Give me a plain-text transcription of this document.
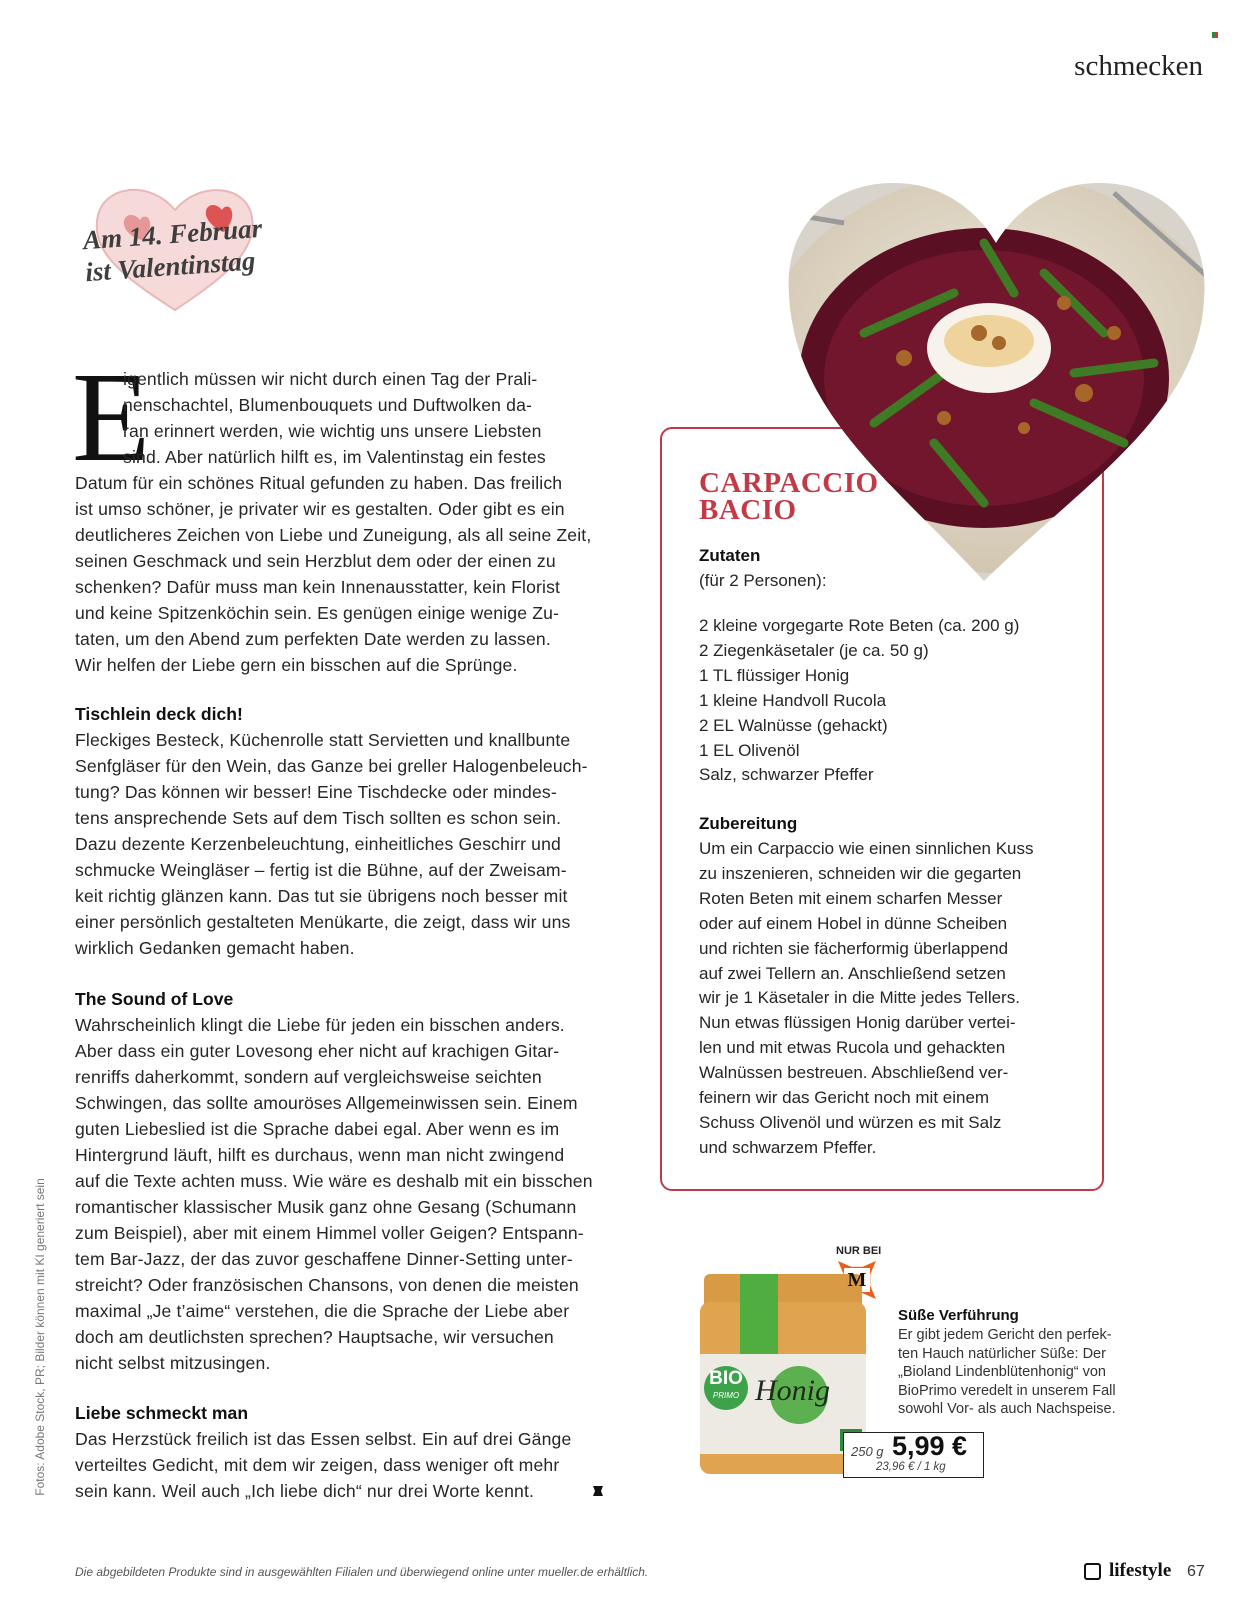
schmecken
Am 14. Februar
ist Valentinstag
E
igentlich müssen wir nicht durch einen Tag der Prali-
nenschachtel, Blumenbouquets und Duftwolken da-
ran erinnert werden, wie wichtig uns unsere Liebsten
sind. Aber natürlich hilft es, im Valentinstag ein festes
Datum für ein schönes Ritual gefunden zu haben. Das freilich
ist umso schöner, je privater wir es gestalten. Oder gibt es ein
deutlicheres Zeichen von Liebe und Zuneigung, als all seine Zeit,
seinen Geschmack und sein Herzblut dem oder der einen zu
schenken? Dafür muss man kein Innenausstatter, kein Florist
und keine Spitzenköchin sein. Es genügen einige wenige Zu-
taten, um den Abend zum perfekten Date werden zu lassen.
Wir helfen der Liebe gern ein bisschen auf die Sprünge.
Tischlein deck dich!
Fleckiges Besteck, Küchenrolle statt Servietten und knallbunte
Senfgläser für den Wein, das Ganze bei greller Halogenbeleuch-
tung? Das können wir besser! Eine Tischdecke oder mindes-
tens ansprechende Sets auf dem Tisch sollten es schon sein.
Dazu dezente Kerzenbeleuchtung, einheitliches Geschirr und
schmucke Weingläser – fertig ist die Bühne, auf der Zweisam-
keit richtig glänzen kann. Das tut sie übrigens noch besser mit
einer persönlich gestalteten Menükarte, die zeigt, dass wir uns
wirklich Gedanken gemacht haben.
The Sound of Love
Wahrscheinlich klingt die Liebe für jeden ein bisschen anders.
Aber dass ein guter Lovesong eher nicht auf krachigen Gitar-
renriffs daherkommt, sondern auf vergleichsweise seichten
Schwingen, das sollte amouröses Allgemeinwissen sein. Einem
guten Liebeslied ist die Sprache dabei egal. Aber wenn es im
Hintergrund läuft, hilft es durchaus, wenn man nicht zwingend
auf die Texte achten muss. Wie wäre es deshalb mit ein bisschen
romantischer klassischer Musik ganz ohne Gesang (Schumann
zum Beispiel), aber mit einem Himmel voller Geigen? Entspann-
tem Bar-Jazz, der das zuvor geschaffene Dinner-Setting unter-
streicht? Oder französischen Chansons, von denen die meisten
maximal „Je t’aime“ verstehen, die die Sprache der Liebe aber
doch am deutlichsten sprechen? Hauptsache, wir versuchen
nicht selbst mitzusingen.
Liebe schmeckt man
Das Herzstück freilich ist das Essen selbst. Ein auf drei Gänge
verteiltes Gedicht, mit dem wir zeigen, dass weniger oft mehr
sein kann. Weil auch „Ich liebe dich“ nur drei Worte kennt.
CARPACCIO
BACIO
Zutaten
(für 2 Personen):
2 kleine vorgegarte Rote Beten (ca. 200 g)
2 Ziegenkäsetaler (je ca. 50 g)
1 TL flüssiger Honig
1 kleine Handvoll Rucola
2 EL Walnüsse (gehackt)
1 EL Olivenöl
Salz, schwarzer Pfeffer
Zubereitung
Um ein Carpaccio wie einen sinnlichen Kuss
zu inszenieren, schneiden wir die gegarten
Roten Beten mit einem scharfen Messer
oder auf einem Hobel in dünne Scheiben
und richten sie fächerformig überlappend
auf zwei Tellern an. Anschließend setzen
wir je 1 Käsetaler in die Mitte jedes Tellers.
Nun etwas flüssigen Honig darüber vertei-
len und mit etwas Rucola und gehackten
Walnüssen bestreuen. Abschließend ver-
feinern wir das Gericht noch mit einem
Schuss Olivenöl und würzen es mit Salz
und schwarzem Pfeffer.
NUR BEI
M
BIO
PRIMO Honig
Süße Verführung
Er gibt jedem Gericht den perfek-
ten Hauch natürlicher Süße: Der
„Bioland Lindenblütenhonig“ von
BioPrimo veredelt in unserem Fall
sowohl Vor- als auch Nachspeise.
250 g 5,99 €
23,96 € / 1 kg
Fotos: Adobe Stock, PR; Bilder können mit KI generiert sein
Die abgebildeten Produkte sind in ausgewählten Filialen und überwiegend online unter mueller.de erhältlich.	lifestyle 67
